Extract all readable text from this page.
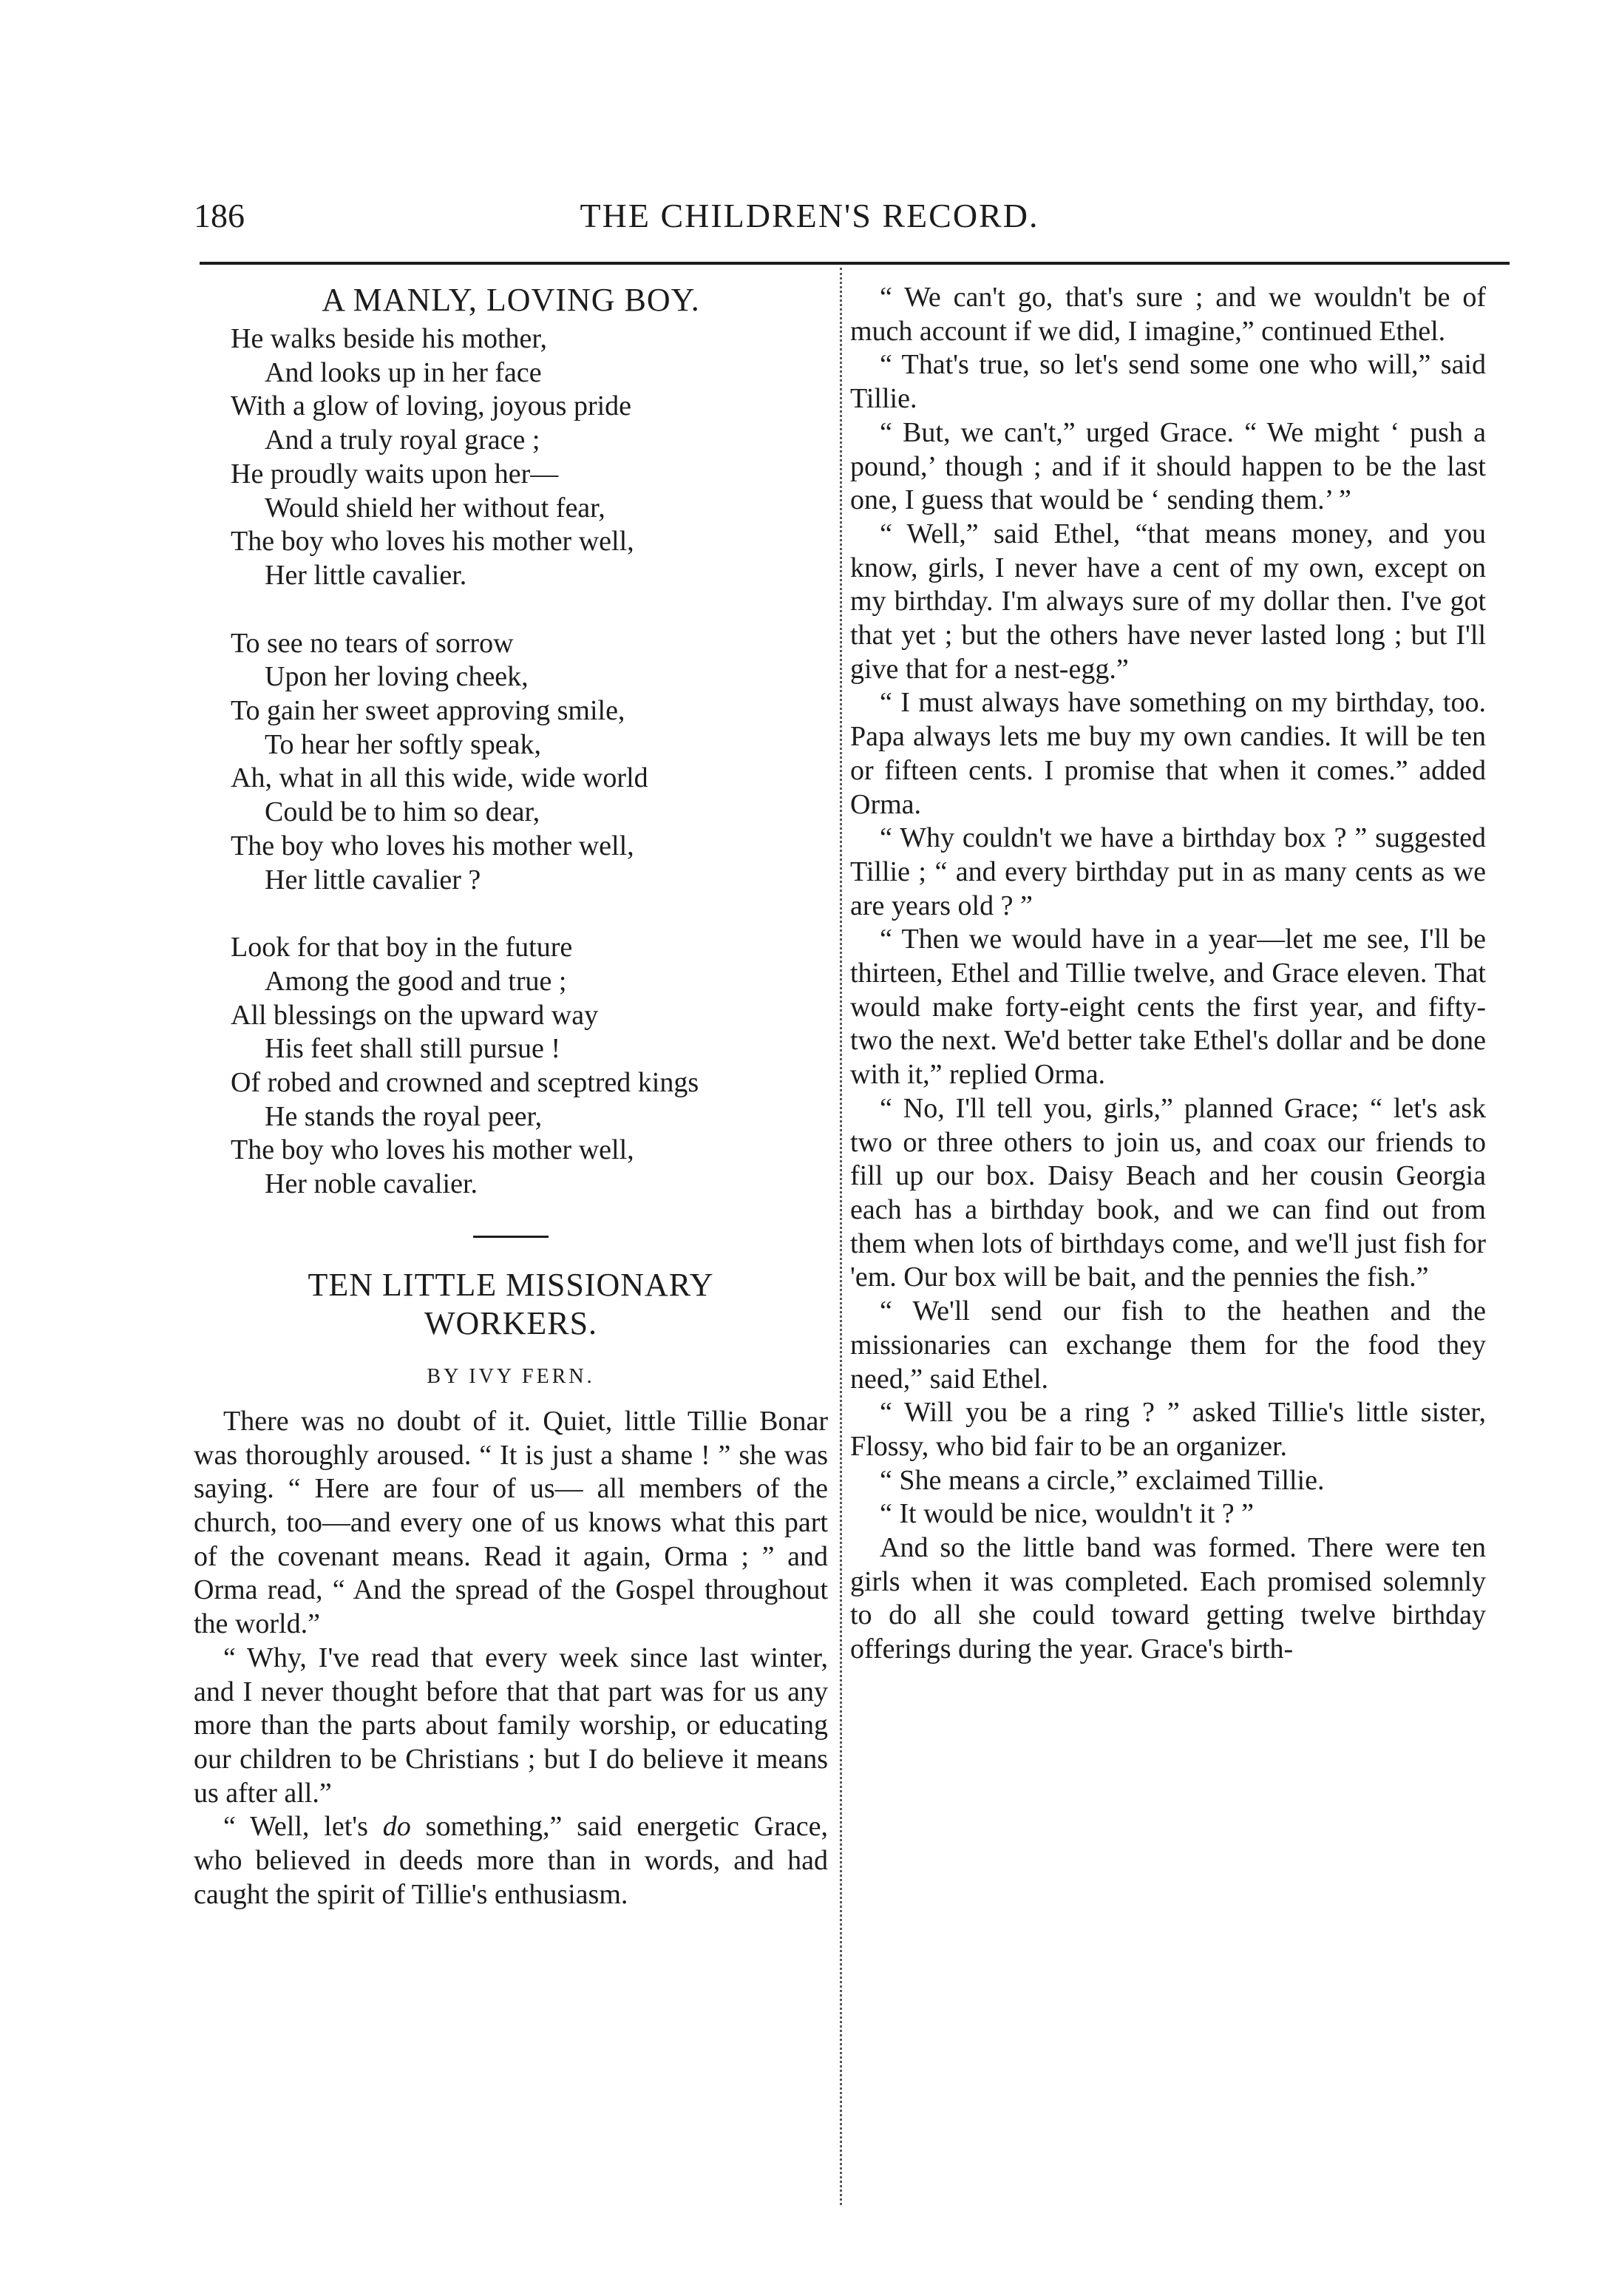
186	THE CHILDREN'S RECORD.
A MANLY, LOVING BOY.
He walks beside his mother,
And looks up in her face
With a glow of loving, joyous pride
And a truly royal grace ;
He proudly waits upon her—
Would shield her without fear,
The boy who loves his mother well,
Her little cavalier.
To see no tears of sorrow
Upon her loving cheek,
To gain her sweet approving smile,
To hear her softly speak,
Ah, what in all this wide, wide world
Could be to him so dear,
The boy who loves his mother well,
Her little cavalier ?
Look for that boy in the future
Among the good and true ;
All blessings on the upward way
His feet shall still pursue !
Of robed and crowned and sceptred kings
He stands the royal peer,
The boy who loves his mother well,
Her noble cavalier.
TEN LITTLE MISSIONARY
WORKERS.
BY IVY FERN.

There was no doubt of it. Quiet, little Tillie Bonar was thoroughly aroused. “ It is just a shame ! ” she was saying. “ Here are four of us— all members of the church, too—and every one of us knows what this part of the covenant means. Read it again, Orma ; ” and Orma read, “ And the spread of the Gospel throughout the world.”

“ Why, I've read that every week since last winter, and I never thought before that that part was for us any more than the parts about family worship, or educating our children to be Christians ; but I do believe it means us after all.”

“ Well, let's do something,” said energetic Grace, who believed in deeds more than in words, and had caught the spirit of Tillie's enthusiasm.

“ We can't go, that's sure ; and we wouldn't be of much account if we did, I imagine,” continued Ethel.

“ That's true, so let's send some one who will,” said Tillie.

“ But, we can't,” urged Grace. “ We might ‘ push a pound,’ though ; and if it should happen to be the last one, I guess that would be ‘ sending them.’ ”

“ Well,” said Ethel, “that means money, and you know, girls, I never have a cent of my own, except on my birthday. I'm always sure of my dollar then. I've got that yet ; but the others have never lasted long ; but I'll give that for a nest-egg.”

“ I must always have something on my birthday, too. Papa always lets me buy my own candies. It will be ten or fifteen cents. I promise that when it comes.” added Orma.

“ Why couldn't we have a birthday box ? ” suggested Tillie ; “ and every birthday put in as many cents as we are years old ? ”

“ Then we would have in a year—let me see, I'll be thirteen, Ethel and Tillie twelve, and Grace eleven. That would make forty-eight cents the first year, and fifty-two the next. We'd better take Ethel's dollar and be done with it,” replied Orma.

“ No, I'll tell you, girls,” planned Grace; “ let's ask two or three others to join us, and coax our friends to fill up our box. Daisy Beach and her cousin Georgia each has a birthday book, and we can find out from them when lots of birthdays come, and we'll just fish for 'em. Our box will be bait, and the pennies the fish.”

“ We'll send our fish to the heathen and the missionaries can exchange them for the food they need,” said Ethel.

“ Will you be a ring ? ” asked Tillie's little sister, Flossy, who bid fair to be an organizer.

“ She means a circle,” exclaimed Tillie.

“ It would be nice, wouldn't it ? ”

And so the little band was formed. There were ten girls when it was completed. Each promised solemnly to do all she could toward getting twelve birthday offerings during the year. Grace's birth-
